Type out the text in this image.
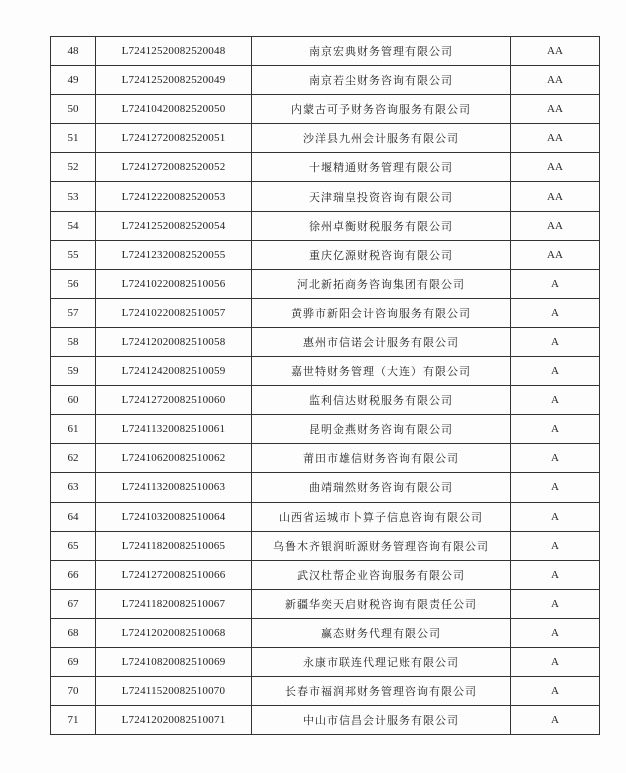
48	L72412520082520048	南京宏典财务管理有限公司	AA
49	L72412520082520049	南京若尘财务咨询有限公司	AA
50	L72410420082520050	内蒙古可予财务咨询服务有限公司	AA
51	L72412720082520051	沙洋县九州会计服务有限公司	AA
52	L72412720082520052	十堰精通财务管理有限公司	AA
53	L72412220082520053	天津瑞皇投资咨询有限公司	AA
54	L72412520082520054	徐州卓衡财税服务有限公司	AA
55	L72412320082520055	重庆亿源财税咨询有限公司	AA
56	L72410220082510056	河北新拓商务咨询集团有限公司	A
57	L72410220082510057	黄骅市新阳会计咨询服务有限公司	A
58	L72412020082510058	惠州市信诺会计服务有限公司	A
59	L72412420082510059	嘉世特财务管理（大连）有限公司	A
60	L72412720082510060	监利信达财税服务有限公司	A
61	L72411320082510061	昆明金燕财务咨询有限公司	A
62	L72410620082510062	莆田市雄信财务咨询有限公司	A
63	L72411320082510063	曲靖瑞然财务咨询有限公司	A
64	L72410320082510064	山西省运城市卜算子信息咨询有限公司	A
65	L72411820082510065	乌鲁木齐银润昕源财务管理咨询有限公司	A
66	L72412720082510066	武汉杜帮企业咨询服务有限公司	A
67	L72411820082510067	新疆华奕天启财税咨询有限责任公司	A
68	L72412020082510068	赢态财务代理有限公司	A
69	L72410820082510069	永康市联连代理记账有限公司	A
70	L72411520082510070	长春市福润邦财务管理咨询有限公司	A
71	L72412020082510071	中山市信昌会计服务有限公司	A
